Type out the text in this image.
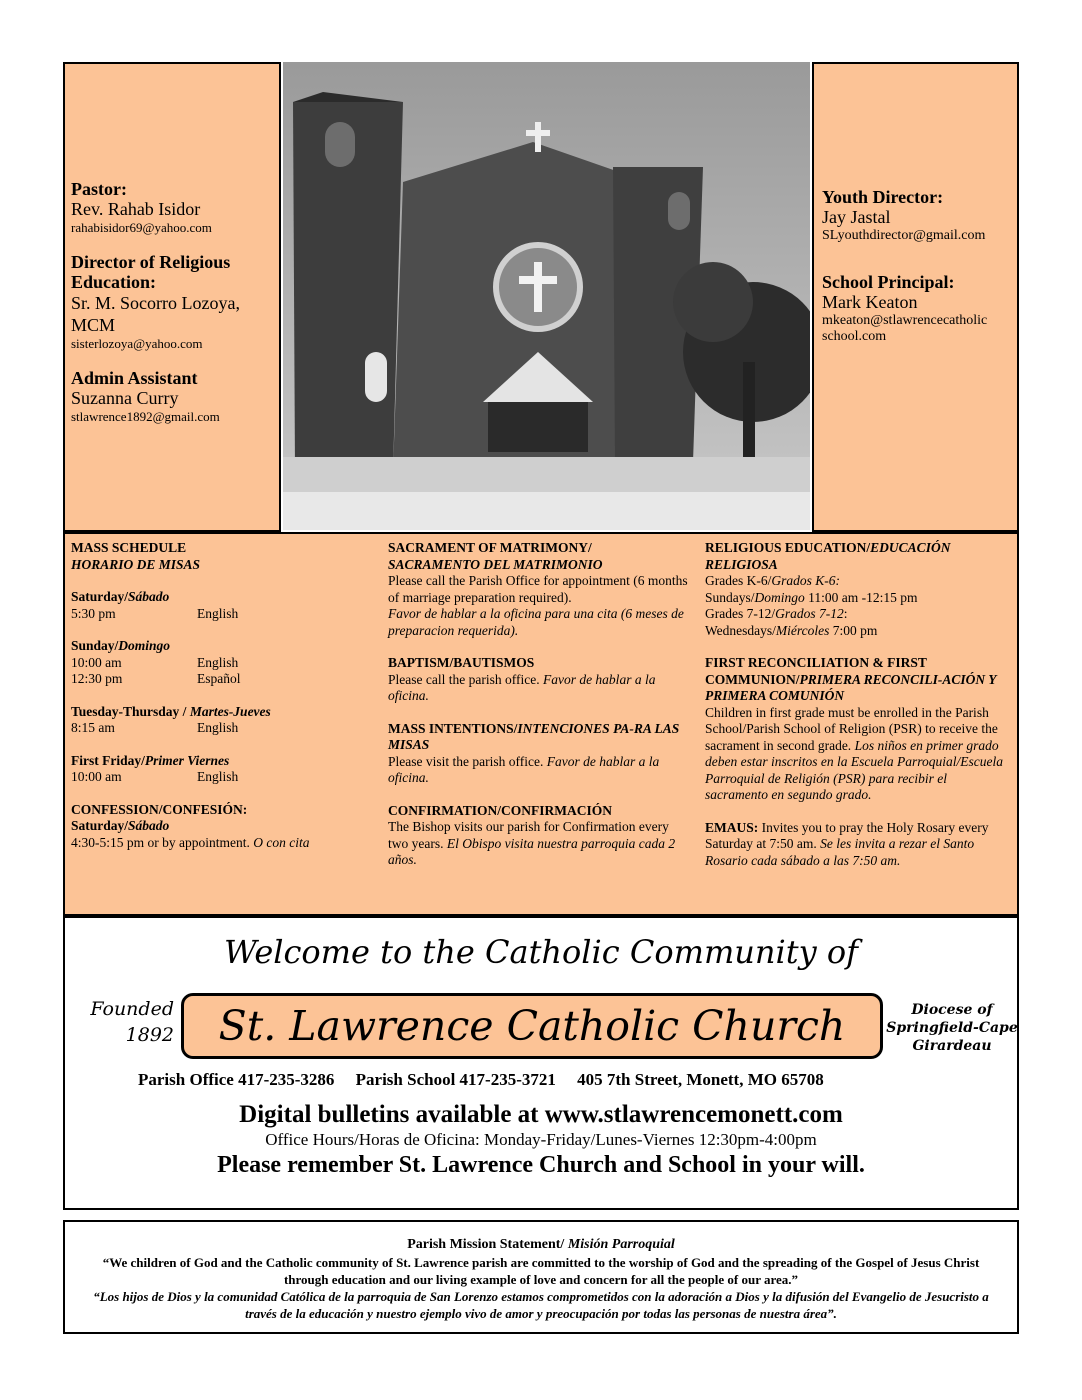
Pastor:
Rev. Rahab Isidor
rahabisidor69@yahoo.com
Director of Religious Education:
Sr. M. Socorro Lozoya, MCM
sisterlozoya@yahoo.com
Admin Assistant
Suzanna Curry
stlawrence1892@gmail.com
Youth Director:
Jay Jastal
SLyouthdirector@gmail.com
School Principal:
Mark Keaton
mkeaton@stlawrencecatholic school.com
MASS SCHEDULE
HORARIO DE MISAS
Saturday/Sábado
5:30 pm	English
Sunday/Domingo
10:00 am	English
12:30 pm	Español
Tuesday-Thursday / Martes-Jueves
8:15 am	English
First Friday/Primer Viernes
10:00 am	English
CONFESSION/CONFESIÓN:
Saturday/Sábado
4:30-5:15 pm or by appointment. O con cita
SACRAMENT OF MATRIMONY/
SACRAMENTO DEL MATRIMONIO
Please call the Parish Office for appointment (6 months of marriage preparation required).
Favor de hablar a la oficina para una cita (6 meses de preparacion requerida).
BAPTISM/BAUTISMOS
Please call the parish office. Favor de hablar a la oficina.
MASS INTENTIONS/INTENCIONES PA-RA LAS MISAS
Please visit the parish office. Favor de hablar a la oficina.
CONFIRMATION/CONFIRMACIÓN
The Bishop visits our parish for Confirmation every two years. El Obispo visita nuestra parroquia cada 2 años.
RELIGIOUS EDUCATION/EDUCACIÓN RELIGIOSA
Grades K-6/Grados K-6:
Sundays/Domingo 11:00 am -12:15 pm
Grades 7-12/Grados 7-12:
Wednesdays/Miércoles 7:00 pm
FIRST RECONCILIATION & FIRST COMMUNION/PRIMERA RECONCILI-ACIÓN Y PRIMERA COMUNIÓN
Children in first grade must be enrolled in the Parish School/Parish School of Religion (PSR) to receive the sacrament in second grade. Los niños en primer grado deben estar inscritos en la Escuela Parroquial/Escuela Parroquial de Religión (PSR) para recibir el sacramento en segundo grado.
EMAUS: Invites you to pray the Holy Rosary every Saturday at 7:50 am. Se les invita a rezar el Santo Rosario cada sábado a las 7:50 am.
Welcome to the Catholic Community of
Founded
1892	St. Lawrence Catholic Church	Diocese of
Springfield-Cape
Girardeau
Parish Office 417-235-3286     Parish School 417-235-3721     405 7th Street, Monett, MO 65708
Digital bulletins available at www.stlawrencemonett.com
Office Hours/Horas de Oficina: Monday-Friday/Lunes-Viernes 12:30pm-4:00pm
Please remember St. Lawrence Church and School in your will.
Parish Mission Statement/ Misión Parroquial
“We children of God and the Catholic community of St. Lawrence parish are committed to the worship of God and the spreading of the Gospel of Jesus Christ through education and our living example of love and concern for all the people of our area.”
“Los hijos de Dios y la comunidad Católica de la parroquia de San Lorenzo estamos comprometidos con la adoración a Dios y la difusión del Evangelio de Jesucristo a través de la educación y nuestro ejemplo vivo de amor y preocupación por todas las personas de nuestra área”.
